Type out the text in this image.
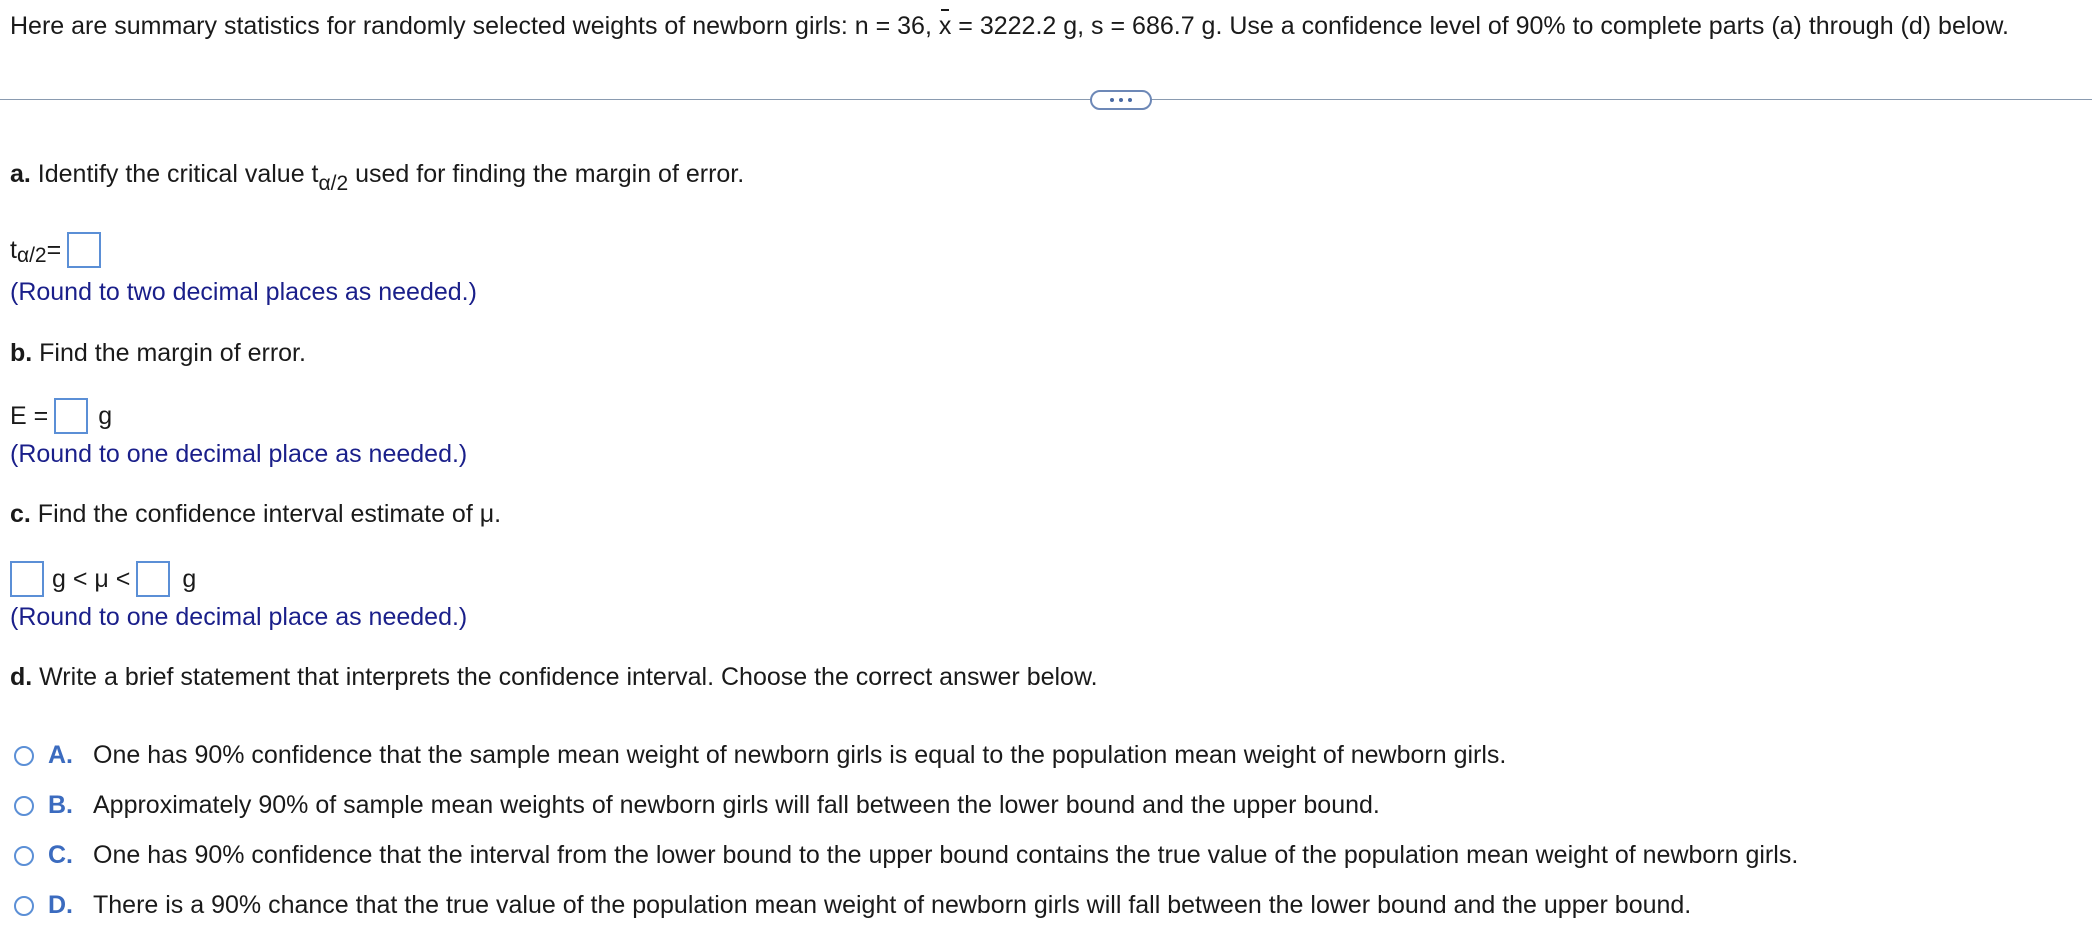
Here are summary statistics for randomly selected weights of newborn girls: n = 36, x = 3222.2 g, s = 686.7 g. Use a confidence level of 90% to complete parts (a) through (d) below.
a. Identify the critical value $t_{\alpha/2}$ used for finding the margin of error.
t α/2 =
(Round to two decimal places as needed.)
b. Find the margin of error.
E = g
(Round to one decimal place as needed.)
c. Find the confidence interval estimate of μ.
g < μ < g
(Round to one decimal place as needed.)
d. Write a brief statement that interprets the confidence interval. Choose the correct answer below.
A. One has 90% confidence that the sample mean weight of newborn girls is equal to the population mean weight of newborn girls.
B. Approximately 90% of sample mean weights of newborn girls will fall between the lower bound and the upper bound.
C. One has 90% confidence that the interval from the lower bound to the upper bound contains the true value of the population mean weight of newborn girls.
D. There is a 90% chance that the true value of the population mean weight of newborn girls will fall between the lower bound and the upper bound.
